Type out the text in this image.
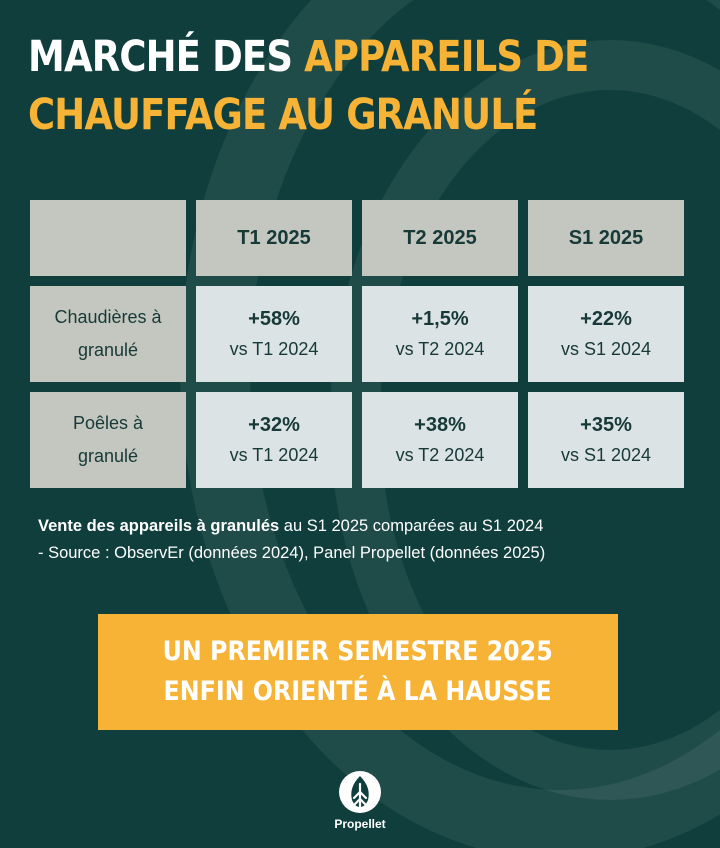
MARCHÉ DES APPAREILS DE
CHAUFFAGE AU GRANULÉ
T1 2025	T2 2025	S1 2025
Chaudières à
granulé
+58%
vs T1 2024
+1,5%
vs T2 2024
+22%
vs S1 2024
Poêles à
granulé
+32%
vs T1 2024
+38%
vs T2 2024
+35%
vs S1 2024

Vente des appareils à granulés au S1 2025 comparées au S1 2024
- Source : ObservEr (données 2024), Panel Propellet (données 2025)

UN PREMIER SEMESTRE 2025
ENFIN ORIENTÉ À LA HAUSSE
Propellet
